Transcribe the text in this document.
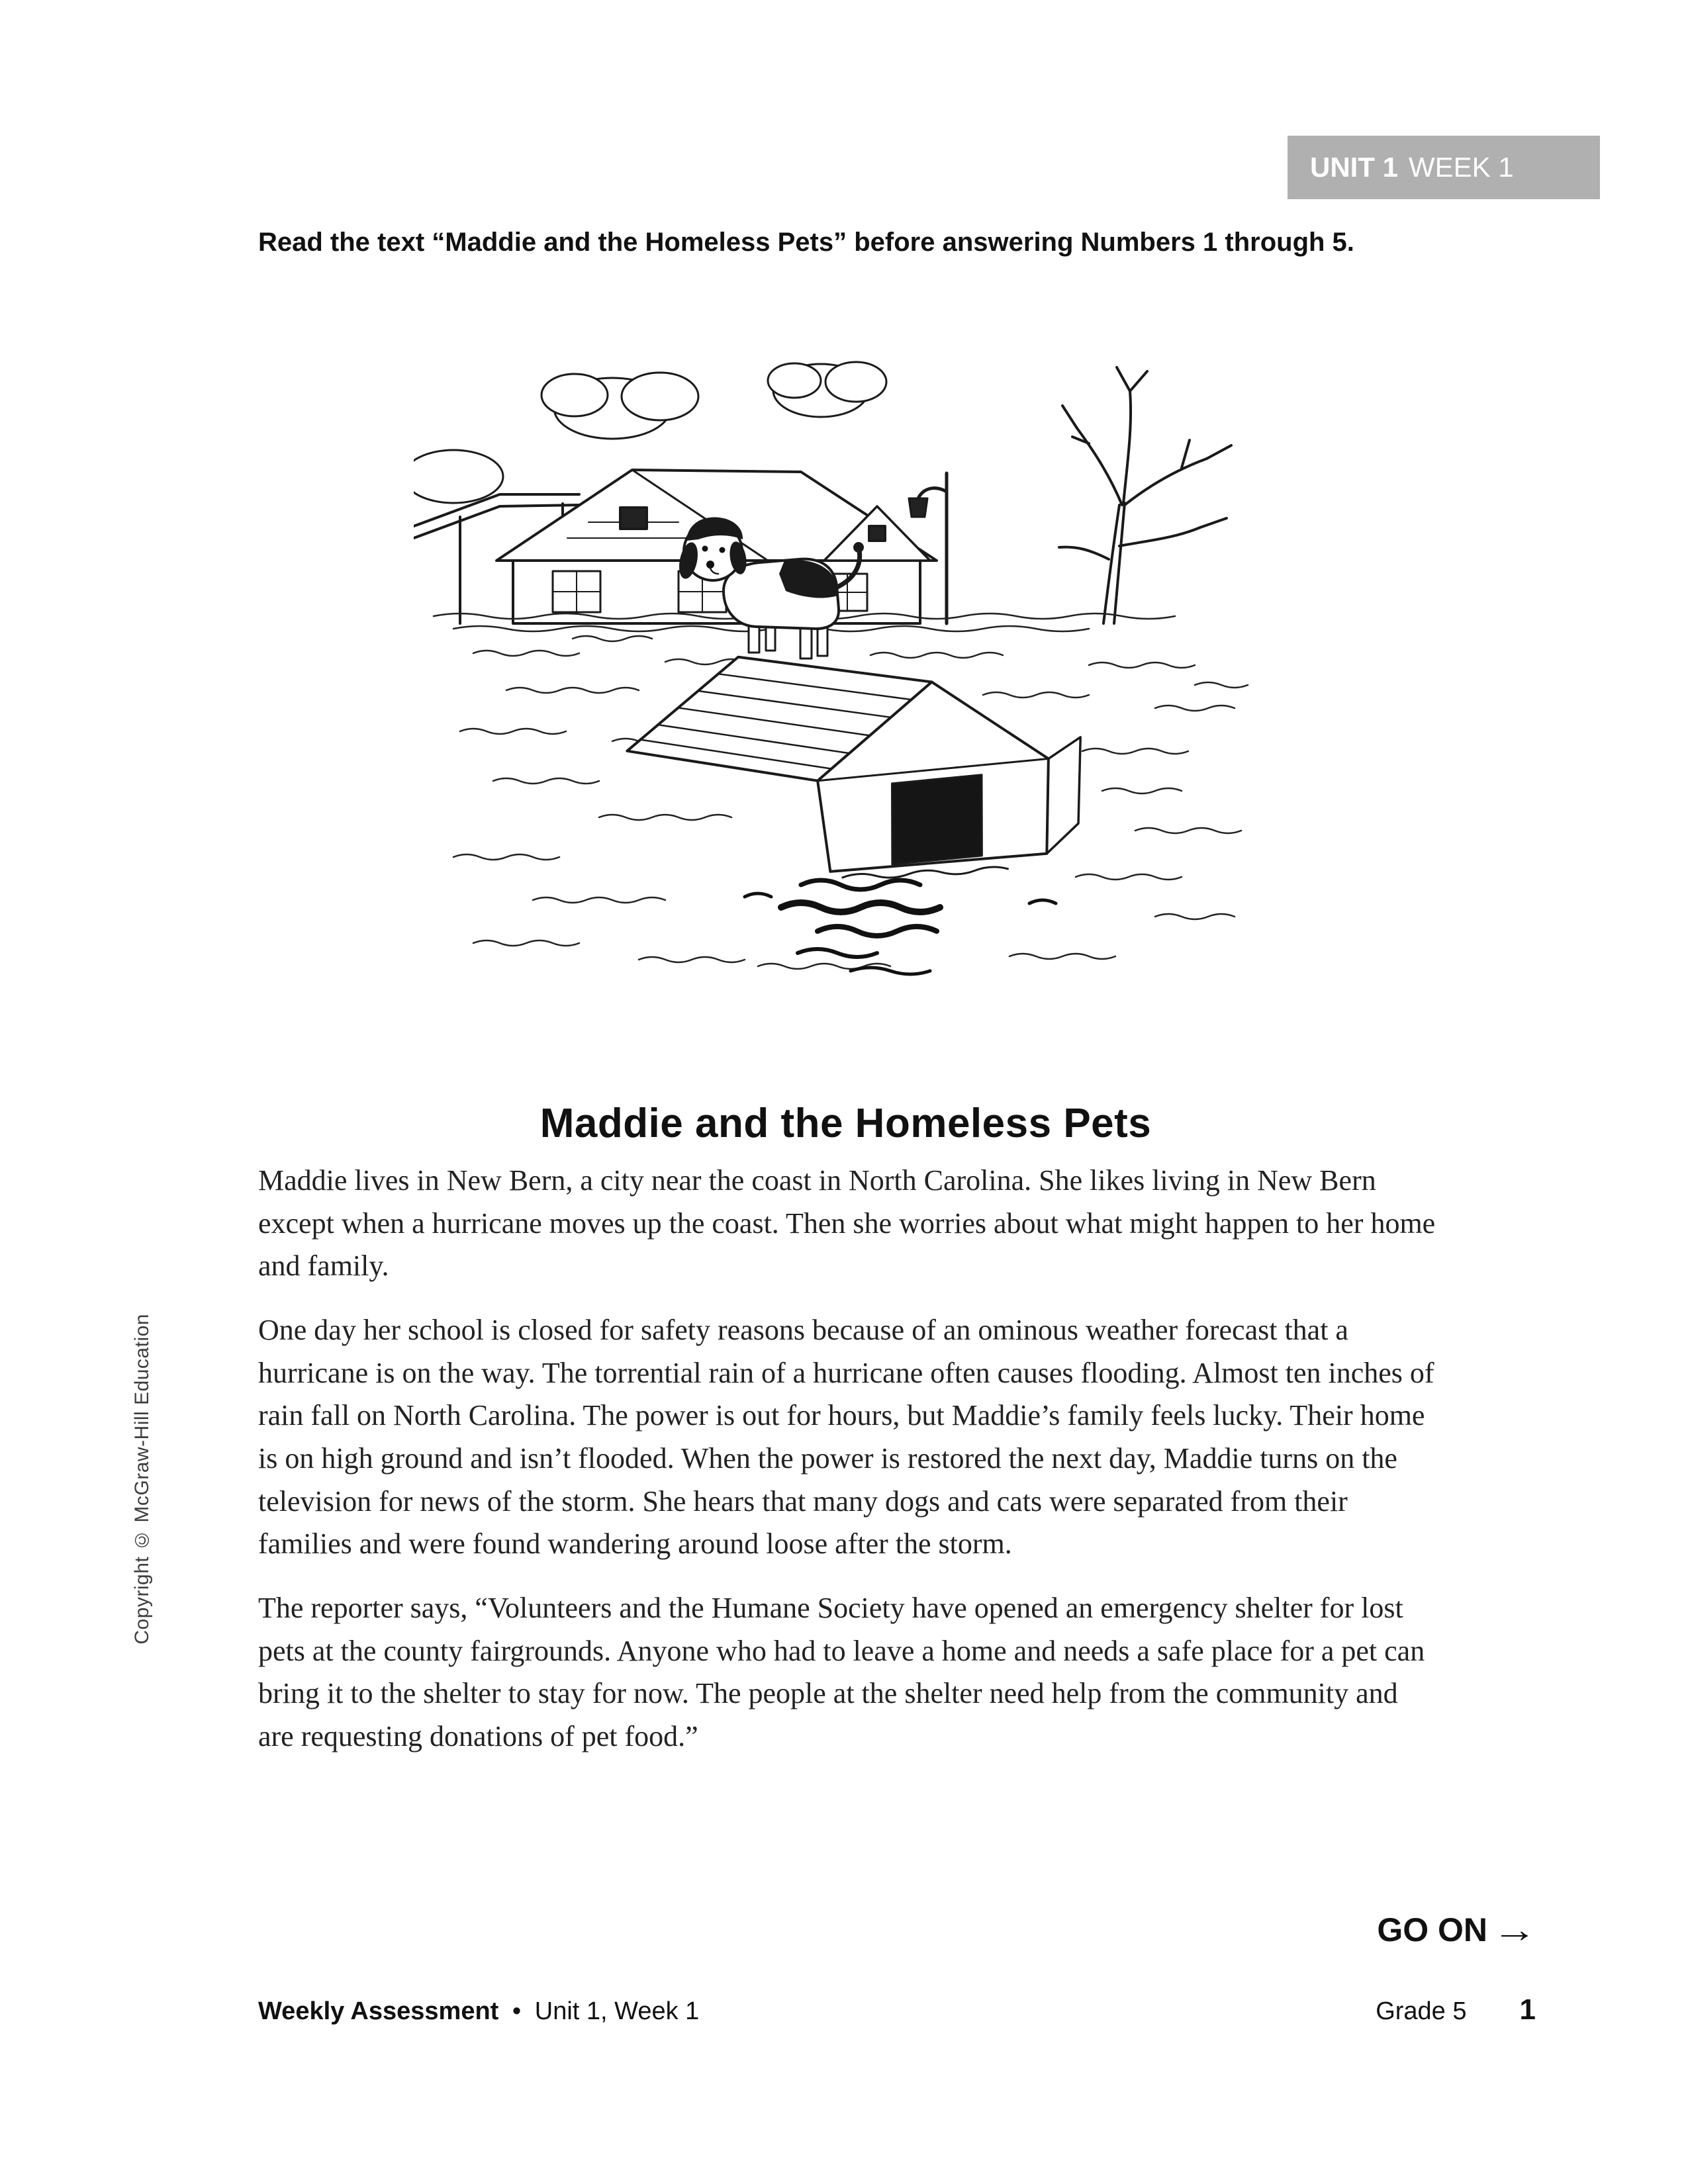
UNIT 1 WEEK 1
Read the text “Maddie and the Homeless Pets” before answering Numbers 1 through 5.
Maddie and the Homeless Pets

Maddie lives in New Bern, a city near the coast in North Carolina. She likes living in New Bern except when a hurricane moves up the coast. Then she worries about what might happen to her home and family.

One day her school is closed for safety reasons because of an ominous weather forecast that a hurricane is on the way. The torrential rain of a hurricane often causes flooding. Almost ten inches of rain fall on North Carolina. The power is out for hours, but Maddie’s family feels lucky. Their home is on high ground and isn’t flooded. When the power is restored the next day, Maddie turns on the television for news of the storm. She hears that many dogs and cats were separated from their families and were found wandering around loose after the storm.

The reporter says, “Volunteers and the Humane Society have opened an emergency shelter for lost pets at the county fairgrounds. Anyone who had to leave a home and needs a safe place for a pet can bring it to the shelter to stay for now. The people at the shelter need help from the community and are requesting donations of pet food.”

Copyright © McGraw-Hill Education
GO ON →
Weekly Assessment • Unit 1, Week 1	Grade 5 1
